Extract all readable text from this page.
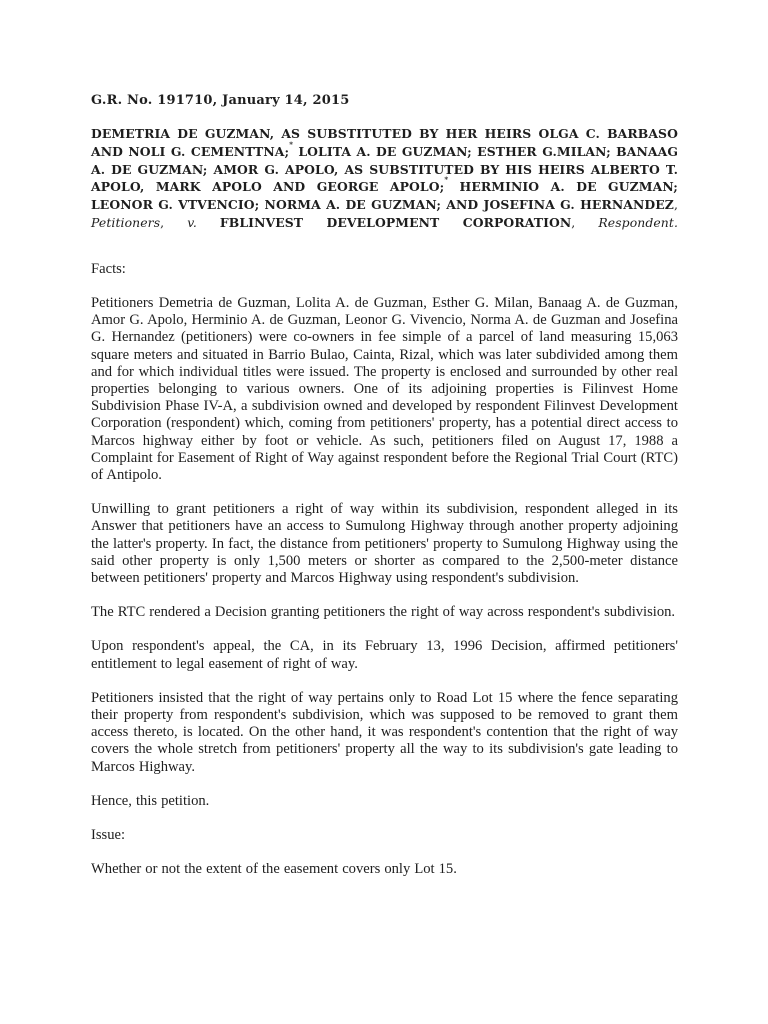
G.R. No. 191710, January 14, 2015
DEMETRIA DE GUZMAN, AS SUBSTITUTED BY HER HEIRS OLGA C. BARBASO AND NOLI G. CEMENTTNA;* LOLITA A. DE GUZMAN; ESTHER G.MILAN; BANAAG A. DE GUZMAN; AMOR G. APOLO, AS SUBSTITUTED BY HIS HEIRS ALBERTO T. APOLO, MARK APOLO AND GEORGE APOLO;* HERMINIO A. DE GUZMAN; LEONOR G. VTVENCIO; NORMA A. DE GUZMAN; AND JOSEFINA G. HERNANDEZ, Petitioners, v. FBLINVEST DEVELOPMENT CORPORATION, Respondent.
Facts:

Petitioners Demetria de Guzman, Lolita A. de Guzman, Esther G. Milan, Banaag A. de Guzman, Amor G. Apolo, Herminio A. de Guzman, Leonor G. Vivencio, Norma A. de Guzman and Josefina G. Hernandez (petitioners) were co-owners in fee simple of a parcel of land measuring 15,063 square meters and situated in Barrio Bulao, Cainta, Rizal, which was later subdivided among them and for which individual titles were issued. The property is enclosed and surrounded by other real properties belonging to various owners. One of its adjoining properties is Filinvest Home Subdivision Phase IV-A, a subdivision owned and developed by respondent Filinvest Development Corporation (respondent) which, coming from petitioners' property, has a potential direct access to Marcos highway either by foot or vehicle. As such, petitioners filed on August 17, 1988 a Complaint for Easement of Right of Way against respondent before the Regional Trial Court (RTC) of Antipolo.

Unwilling to grant petitioners a right of way within its subdivision, respondent alleged in its Answer that petitioners have an access to Sumulong Highway through another property adjoining the latter's property. In fact, the distance from petitioners' property to Sumulong Highway using the said other property is only 1,500 meters or shorter as compared to the 2,500-meter distance between petitioners' property and Marcos Highway using respondent's subdivision.

The RTC rendered a Decision granting petitioners the right of way across respondent's subdivision.

Upon respondent's appeal, the CA, in its February 13, 1996 Decision, affirmed petitioners' entitlement to legal easement of right of way.

Petitioners insisted that the right of way pertains only to Road Lot 15 where the fence separating their property from respondent's subdivision, which was supposed to be removed to grant them access thereto, is located. On the other hand, it was respondent's contention that the right of way covers the whole stretch from petitioners' property all the way to its subdivision's gate leading to Marcos Highway.

Hence, this petition.

Issue:

Whether or not the extent of the easement covers only Lot 15.
